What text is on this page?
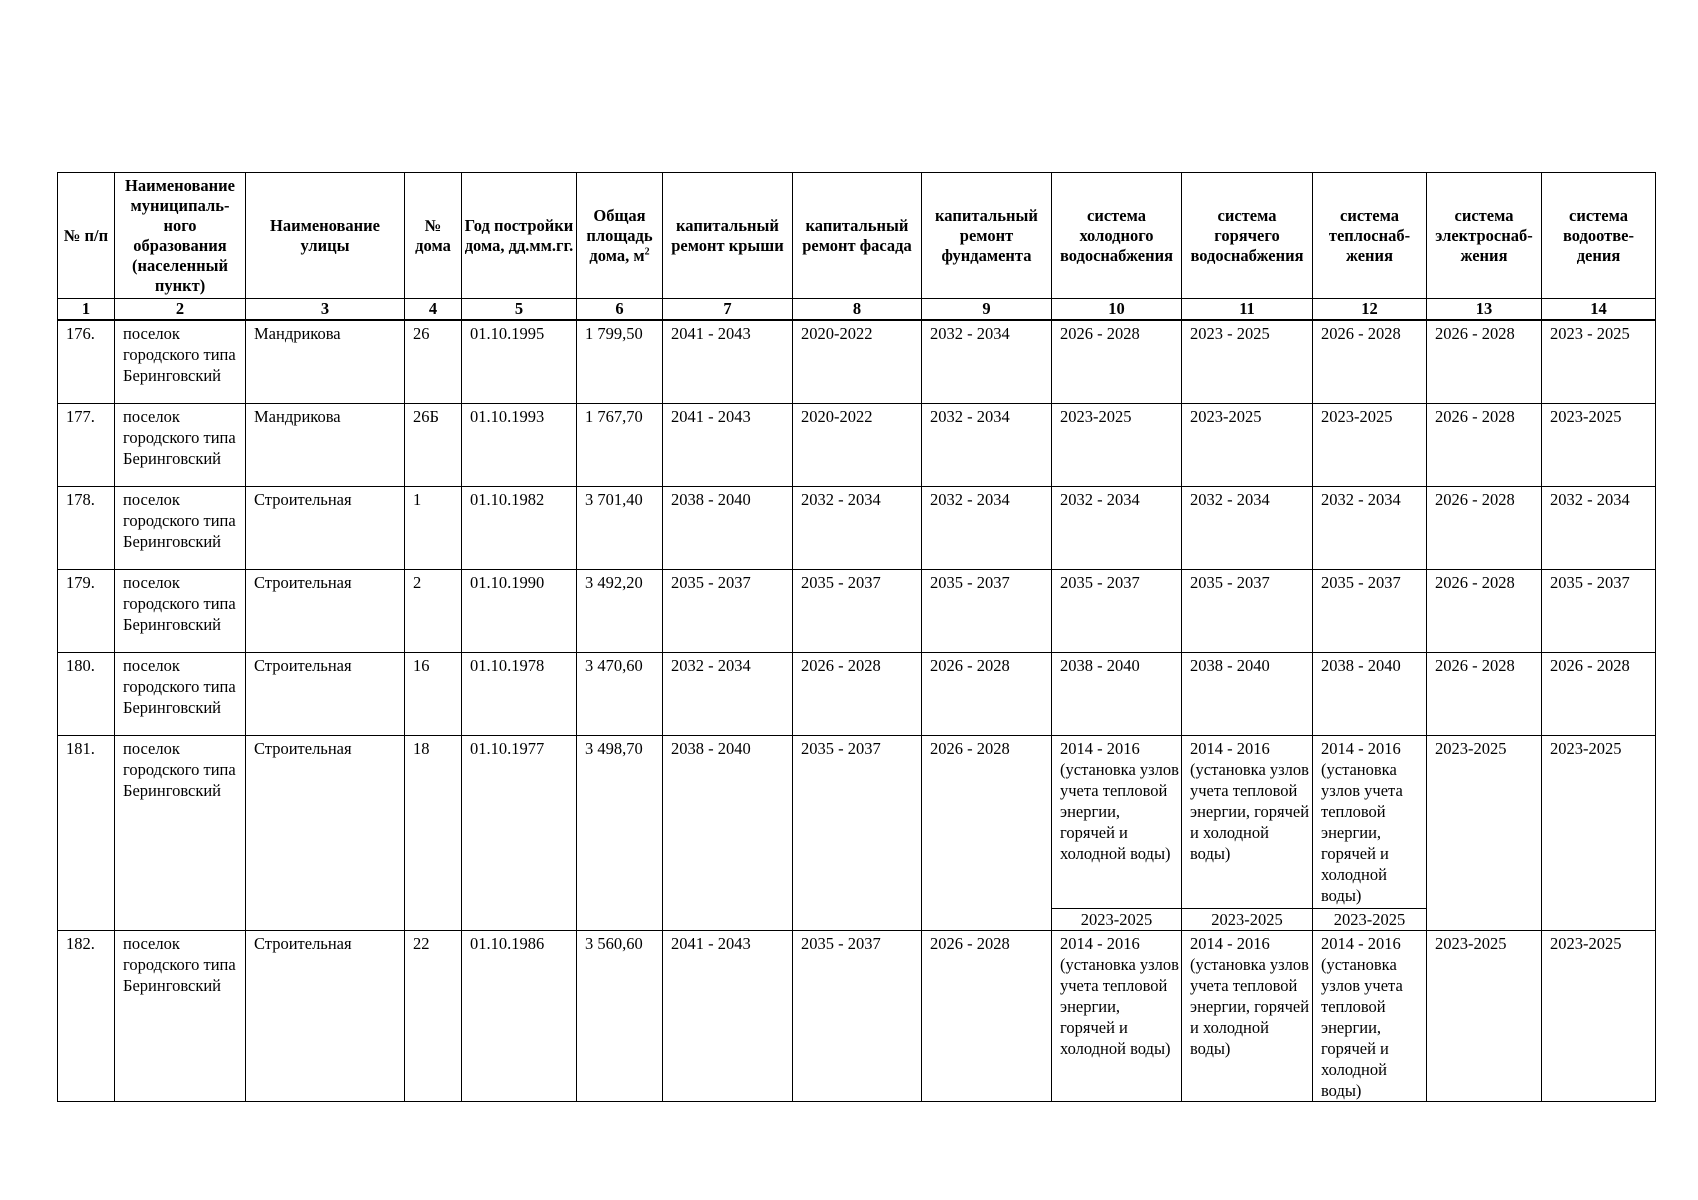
№ п/п	Наименование муниципаль-ного образования (населенный пункт)	Наименование улицы	№ дома	Год постройки дома, дд.мм.гг.	Общая площадь дома, $м^2$	капитальный ремонт крыши	капитальный ремонт фасада	капитальный ремонт фундамента	система холодного водоснабжения	система горячего водоснабжения	система теплоснаб-жения	система электроснаб-жения	система водоотве-дения
1	2	3	4	5	6	7	8	9	10	11	12	13	14
176.	поселок городского типа Беринговский	Мандрикова	26	01.10.1995	1 799,50	2041 - 2043	2020-2022	2032 - 2034	2026 - 2028	2023 - 2025	2026 - 2028	2026 - 2028	2023 - 2025
177.	поселок городского типа Беринговский	Мандрикова	26Б	01.10.1993	1 767,70	2041 - 2043	2020-2022	2032 - 2034	2023-2025	2023-2025	2023-2025	2026 - 2028	2023-2025
178.	поселок городского типа Беринговский	Строительная	1	01.10.1982	3 701,40	2038 - 2040	2032 - 2034	2032 - 2034	2032 - 2034	2032 - 2034	2032 - 2034	2026 - 2028	2032 - 2034
179.	поселок городского типа Беринговский	Строительная	2	01.10.1990	3 492,20	2035 - 2037	2035 - 2037	2035 - 2037	2035 - 2037	2035 - 2037	2035 - 2037	2026 - 2028	2035 - 2037
180.	поселок городского типа Беринговский	Строительная	16	01.10.1978	3 470,60	2032 - 2034	2026 - 2028	2026 - 2028	2038 - 2040	2038 - 2040	2038 - 2040	2026 - 2028	2026 - 2028
181.	поселок городского типа Беринговский	Строительная	18	01.10.1977	3 498,70	2038 - 2040	2035 - 2037	2026 - 2028	2014 - 2016 (установка узлов учета тепловой энергии, горячей и холодной воды)	2014 - 2016 (установка узлов учета тепловой энергии, горячей и холодной воды)	2014 - 2016 (установка узлов учета тепловой энергии, горячей и холодной воды)	2023-2025	2023-2025
									2023-2025	2023-2025	2023-2025		
182.	поселок городского типа Беринговский	Строительная	22	01.10.1986	3 560,60	2041 - 2043	2035 - 2037	2026 - 2028	2014 - 2016 (установка узлов учета тепловой энергии, горячей и холодной воды)	2014 - 2016 (установка узлов учета тепловой энергии, горячей и холодной воды)	2014 - 2016 (установка узлов учета тепловой энергии, горячей и холодной воды)	2023-2025	2023-2025
